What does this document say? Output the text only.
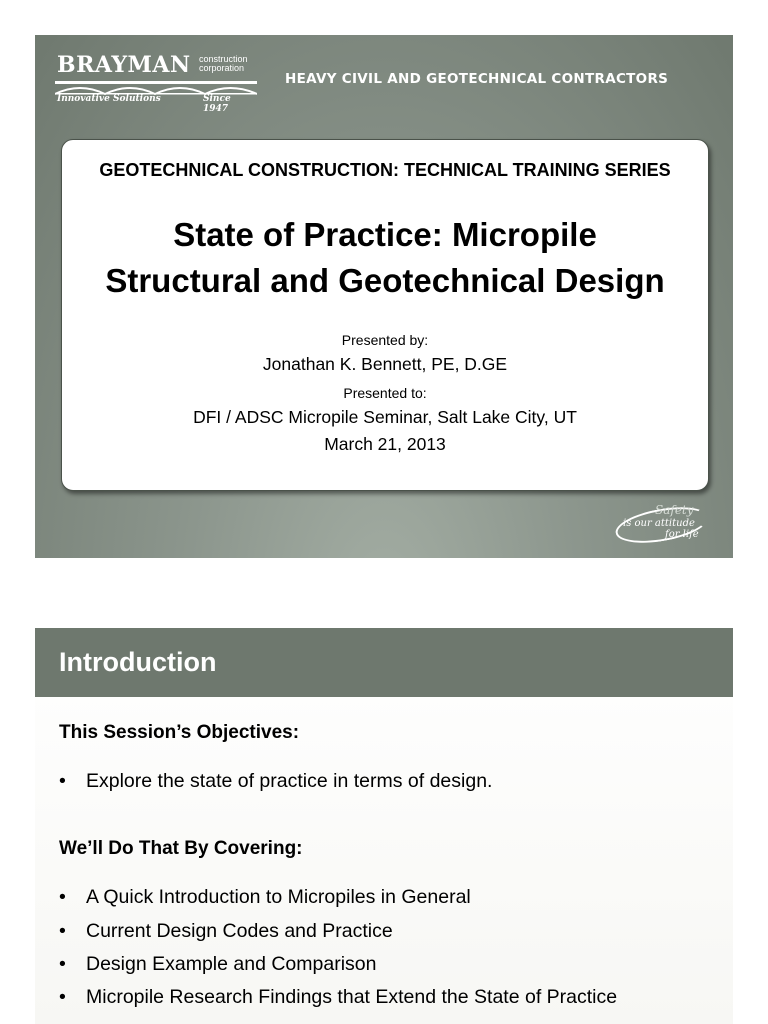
BRAYMAN construction
corporation
Innovative Solutions	Since 1947
HEAVY CIVIL AND GEOTECHNICAL CONTRACTORS
GEOTECHNICAL CONSTRUCTION: TECHNICAL TRAINING SERIES
State of Practice: Micropile
Structural and Geotechnical Design
Presented by:
Jonathan K. Bennett, PE, D.GE
Presented to:
DFI / ADSC Micropile Seminar, Salt Lake City, UT
March 21, 2013
Safety
is our attitude
for life
Introduction
This Session’s Objectives:
• Explore the state of practice in terms of design.
We’ll Do That By Covering:
• A Quick Introduction to Micropiles in General
• Current Design Codes and Practice
• Design Example and Comparison
• Micropile Research Findings that Extend the State of Practice
